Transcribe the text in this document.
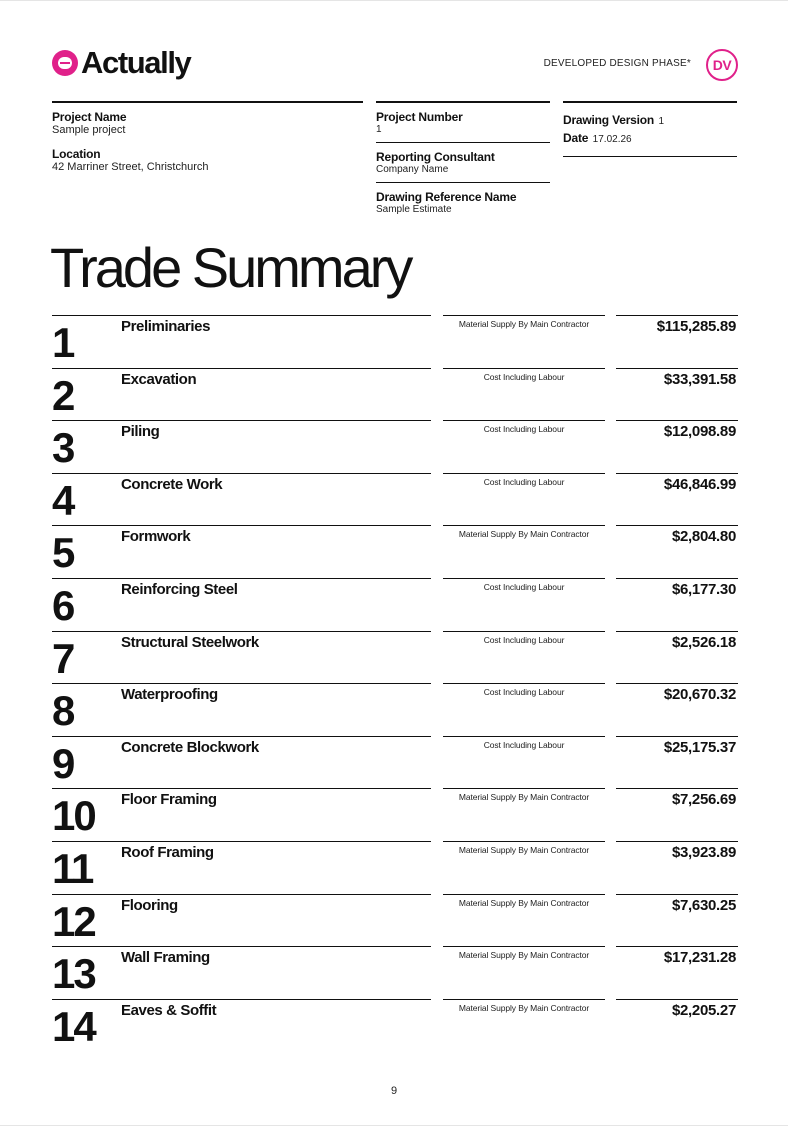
Actually	DEVELOPED DESIGN PHASE*	DV
Project Name
Sample project
Location
42 Marriner Street, Christchurch
Project Number
1
Reporting Consultant
Company Name
Drawing Reference Name
Sample Estimate
Drawing Version 1
Date 17.02.26
Trade Summary
1	Preliminaries	Material Supply By Main Contractor	$115,285.89
2	Excavation	Cost Including Labour	$33,391.58
3	Piling	Cost Including Labour	$12,098.89
4	Concrete Work	Cost Including Labour	$46,846.99
5	Formwork	Material Supply By Main Contractor	$2,804.80
6	Reinforcing Steel	Cost Including Labour	$6,177.30
7	Structural Steelwork	Cost Including Labour	$2,526.18
8	Waterproofing	Cost Including Labour	$20,670.32
9	Concrete Blockwork	Cost Including Labour	$25,175.37
10 Floor Framing	Material Supply By Main Contractor	$7,256.69
11 Roof Framing	Material Supply By Main Contractor	$3,923.89
12 Flooring	Material Supply By Main Contractor	$7,630.25
13 Wall Framing	Material Supply By Main Contractor	$17,231.28
14 Eaves & Soffit	Material Supply By Main Contractor	$2,205.27
9
